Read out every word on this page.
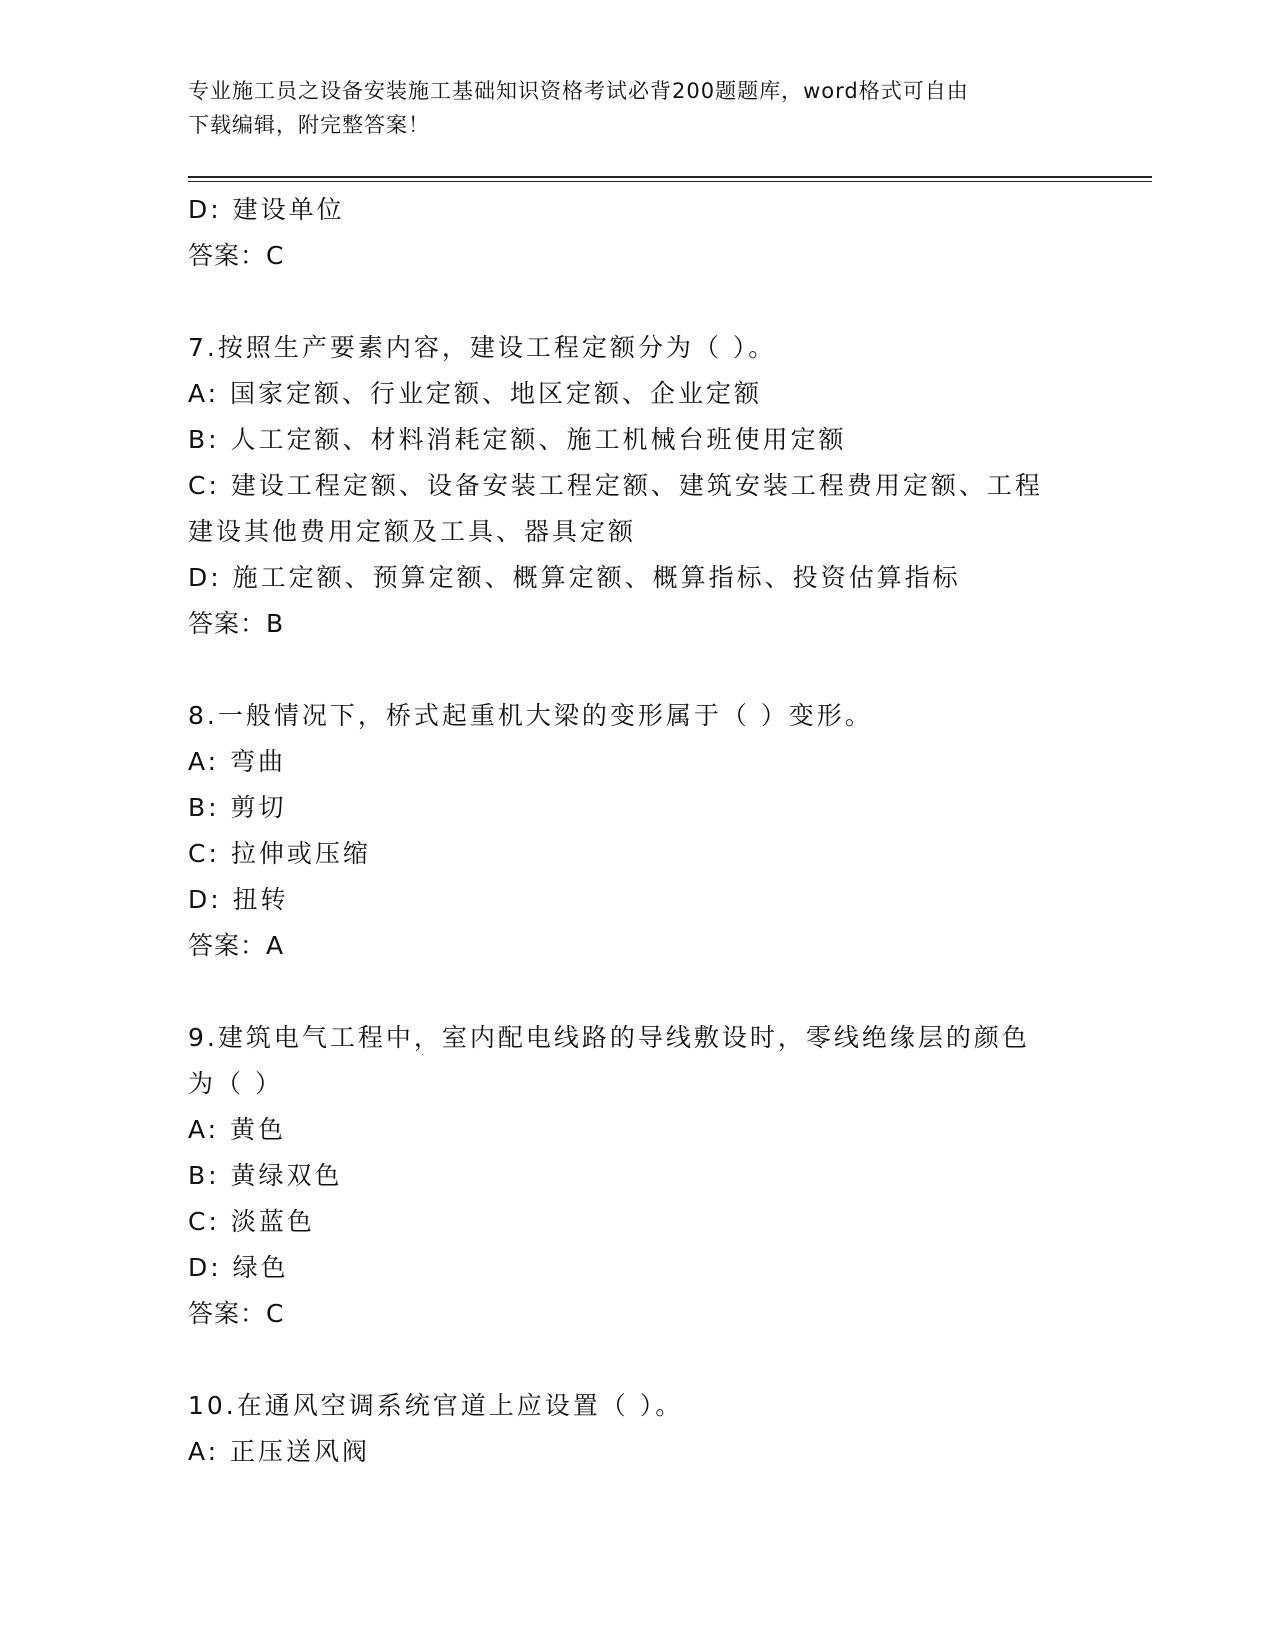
专业施工员之设备安装施工基础知识资格考试必背200题题库，word格式可自由
下载编辑，附完整答案！
D: 建设单位
答案：C
7.按照生产要素内容，建设工程定额分为（ ）。
A: 国家定额、行业定额、地区定额、企业定额
B: 人工定额、材料消耗定额、施工机械台班使用定额
C: 建设工程定额、设备安装工程定额、建筑安装工程费用定额、工程
建设其他费用定额及工具、器具定额
D: 施工定额、预算定额、概算定额、概算指标、投资估算指标
答案：B
8.一般情况下，桥式起重机大梁的变形属于（ ）变形。
A: 弯曲
B: 剪切
C: 拉伸或压缩
D: 扭转
答案：A
9.建筑电气工程中，室内配电线路的导线敷设时，零线绝缘层的颜色
为（ ）
A: 黄色
B: 黄绿双色
C: 淡蓝色
D: 绿色
答案：C
10.在通风空调系统官道上应设置（ ）。
A: 正压送风阀
